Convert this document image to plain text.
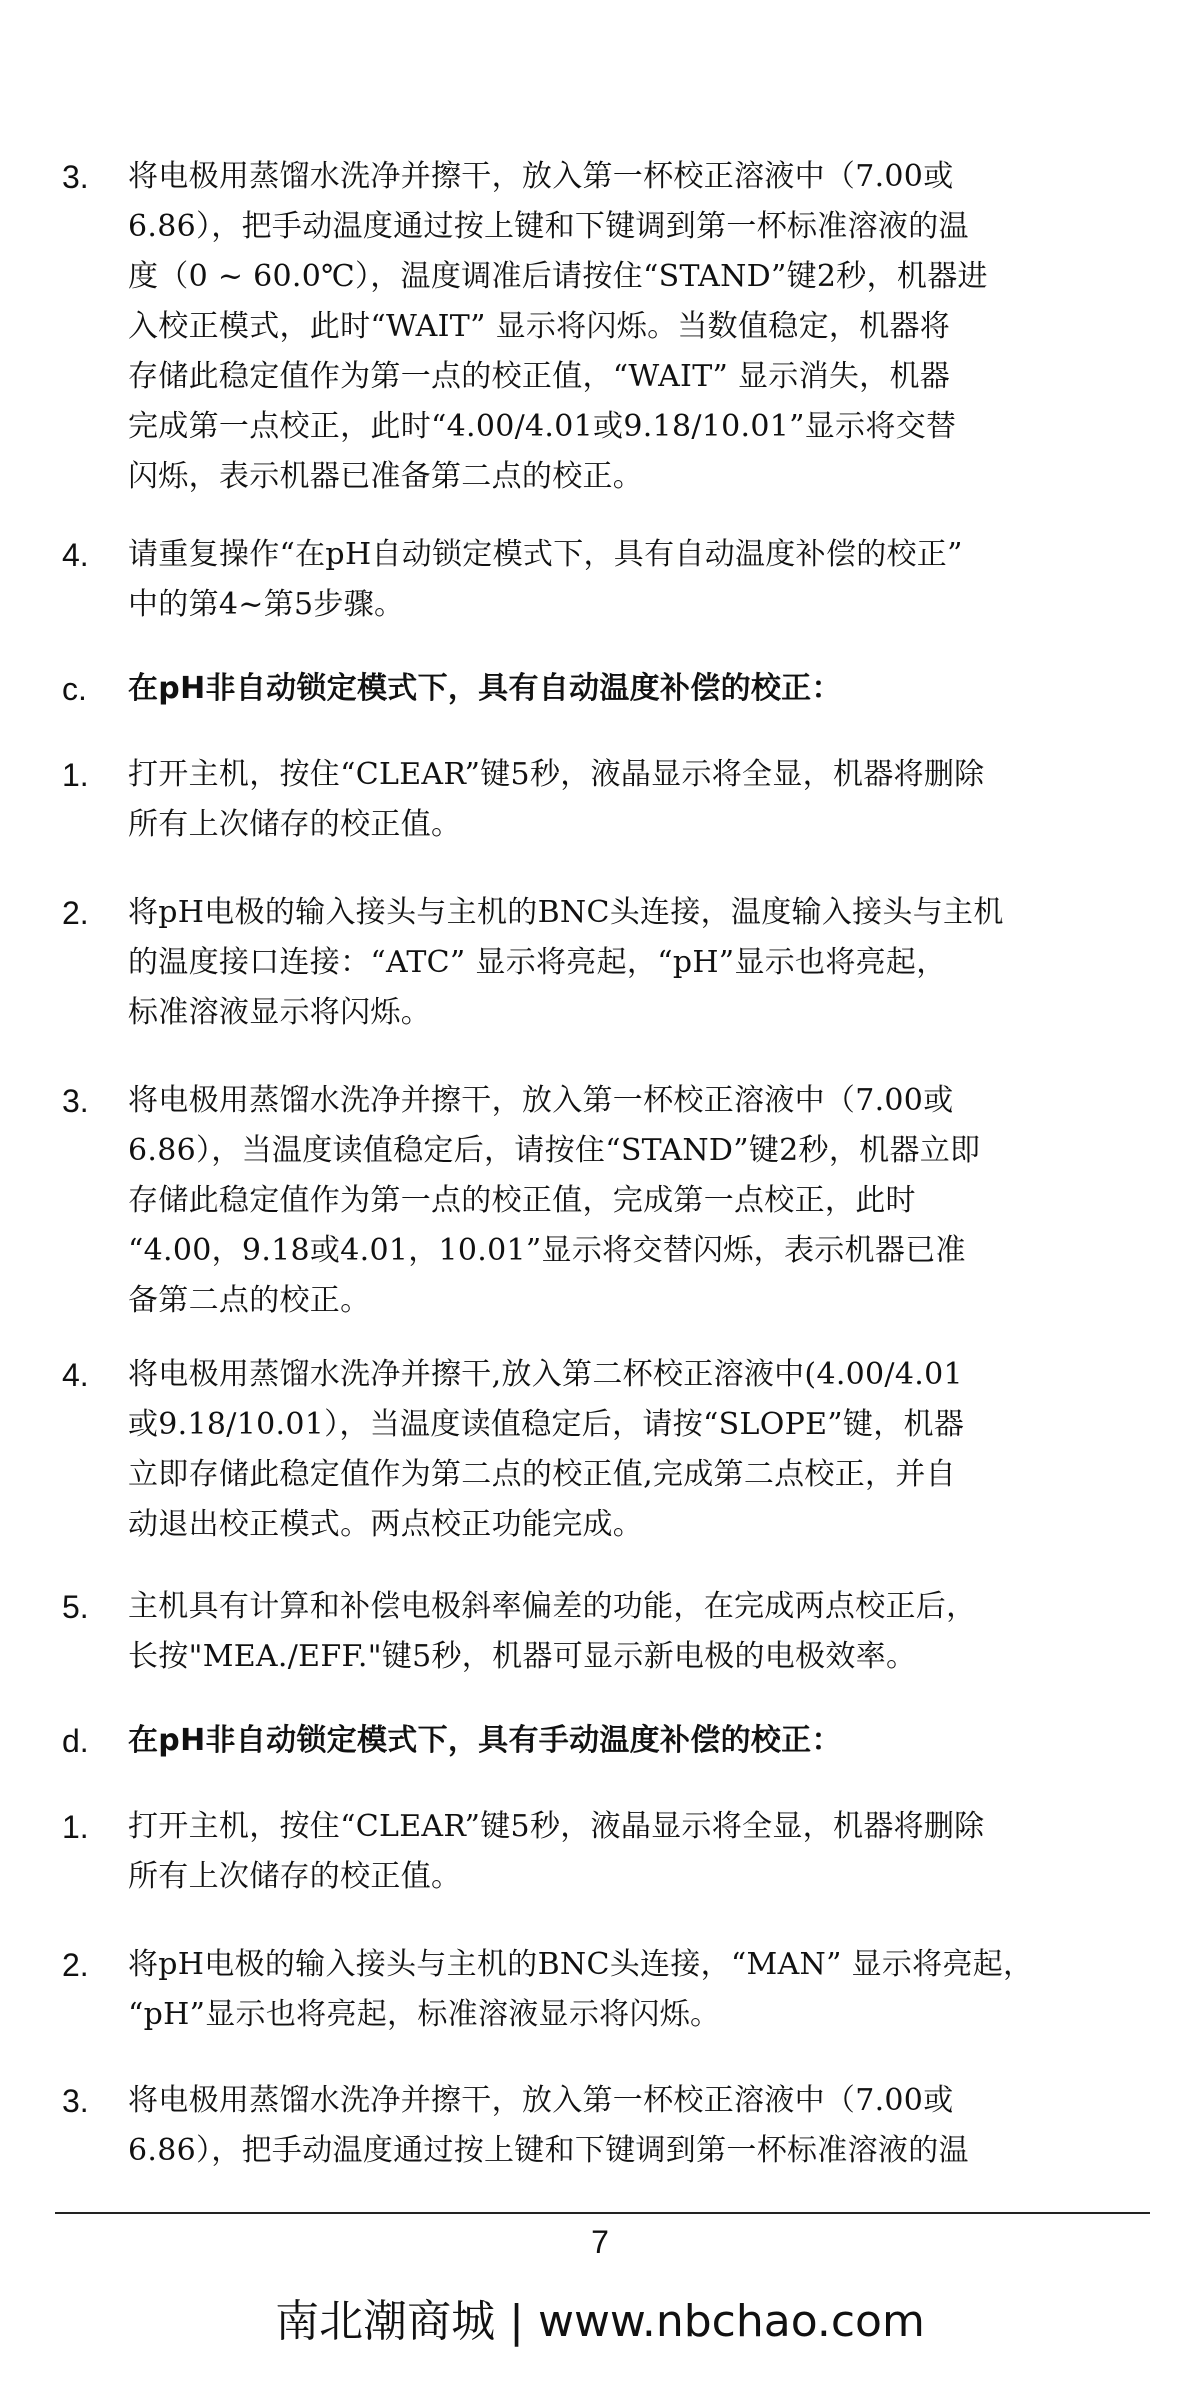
3. 将电极用蒸馏水洗净并擦干，放入第一杯校正溶液中（7.00或
6.86），把手动温度通过按上键和下键调到第一杯标准溶液的温
度（0 ~ 60.0℃），温度调准后请按住“STAND”键2秒，机器进
入校正模式，此时“WAIT” 显示将闪烁。当数值稳定，机器将
存储此稳定值作为第一点的校正值，“WAIT” 显示消失，机器
完成第一点校正，此时“4.00/4.01或9.18/10.01”显示将交替
闪烁，表示机器已准备第二点的校正。
4. 请重复操作“在pH自动锁定模式下，具有自动温度补偿的校正”
中的第4~第5步骤。
c. 在pH非自动锁定模式下，具有自动温度补偿的校正：
1. 打开主机，按住“CLEAR”键5秒，液晶显示将全显，机器将删除
所有上次储存的校正值。
2. 将pH电极的输入接头与主机的BNC头连接，温度输入接头与主机
的温度接口连接：“ATC” 显示将亮起，“pH”显示也将亮起，
标准溶液显示将闪烁。
3. 将电极用蒸馏水洗净并擦干，放入第一杯校正溶液中（7.00或
6.86），当温度读值稳定后，请按住“STAND”键2秒，机器立即
存储此稳定值作为第一点的校正值，完成第一点校正，此时
“4.00，9.18或4.01，10.01”显示将交替闪烁，表示机器已准
备第二点的校正。
4. 将电极用蒸馏水洗净并擦干,放入第二杯校正溶液中(4.00/4.01
或9.18/10.01），当温度读值稳定后，请按“SLOPE”键，机器
立即存储此稳定值作为第二点的校正值,完成第二点校正，并自
动退出校正模式。两点校正功能完成。
5. 主机具有计算和补偿电极斜率偏差的功能，在完成两点校正后，
长按"MEA./EFF."键5秒，机器可显示新电极的电极效率。
d. 在pH非自动锁定模式下，具有手动温度补偿的校正：
1. 打开主机，按住“CLEAR”键5秒，液晶显示将全显，机器将删除
所有上次储存的校正值。
2. 将pH电极的输入接头与主机的BNC头连接，“MAN” 显示将亮起，
“pH”显示也将亮起，标准溶液显示将闪烁。
3. 将电极用蒸馏水洗净并擦干，放入第一杯校正溶液中（7.00或
6.86），把手动温度通过按上键和下键调到第一杯标准溶液的温
7
南北潮商城 | www.nbchao.com
